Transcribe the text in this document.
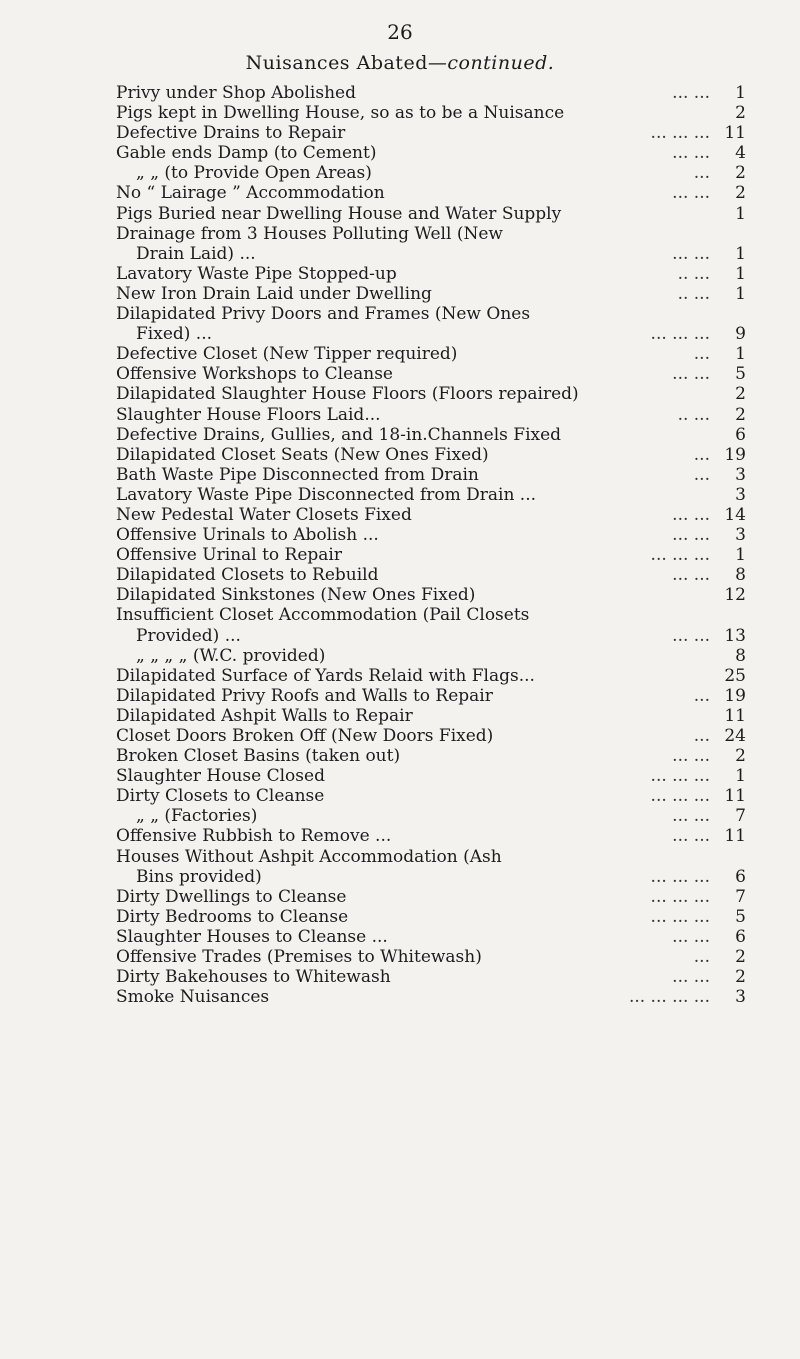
26
Nuisances Abated—continued.
Privy under Shop Abolished	... ...	1
Pigs kept in Dwelling House, so as to be a Nuisance	2
Defective Drains to Repair	... ... ... 11
Gable ends Damp (to Cement)	... ...	4
„ „ (to Provide Open Areas)	...	2
No “ Lairage ” Accommodation	... ...	2
Pigs Buried near Dwelling House and Water Supply	1
Drainage from 3 Houses Polluting Well (New
Drain Laid) ...	... ...	1
Lavatory Waste Pipe Stopped-up	.. ...	1
New Iron Drain Laid under Dwelling	.. ...	1
Dilapidated Privy Doors and Frames (New Ones
Fixed) ...	... ... ...	9
Defective Closet (New Tipper required)	...	1
Offensive Workshops to Cleanse	... ...	5
Dilapidated Slaughter House Floors (Floors repaired)	2
Slaughter House Floors Laid...	.. ...	2
Defective Drains, Gullies, and 18-in.Channels Fixed	6
Dilapidated Closet Seats (New Ones Fixed)	... 19
Bath Waste Pipe Disconnected from Drain	...	3
Lavatory Waste Pipe Disconnected from Drain ...	3
New Pedestal Water Closets Fixed	... ... 14
Offensive Urinals to Abolish ...	... ...	3
Offensive Urinal to Repair	... ... ...	1
Dilapidated Closets to Rebuild	... ...	8
Dilapidated Sinkstones (New Ones Fixed)	12
Insufficient Closet Accommodation (Pail Closets
Provided) ...	... ... 13
„ „ „ „ (W.C. provided)	8
Dilapidated Surface of Yards Relaid with Flags...	25
Dilapidated Privy Roofs and Walls to Repair	... 19
Dilapidated Ashpit Walls to Repair	11
Closet Doors Broken Off (New Doors Fixed)	... 24
Broken Closet Basins (taken out)	... ...	2
Slaughter House Closed	... ... ...	1
Dirty Closets to Cleanse	... ... ... 11
„ „ (Factories)	... ...	7
Offensive Rubbish to Remove ...	... ... 11
Houses Without Ashpit Accommodation (Ash
Bins provided)	... ... ...	6
Dirty Dwellings to Cleanse	... ... ...	7
Dirty Bedrooms to Cleanse	... ... ...	5
Slaughter Houses to Cleanse ...	... ...	6
Offensive Trades (Premises to Whitewash)	...	2
Dirty Bakehouses to Whitewash	... ...	2
Smoke Nuisances	... ... ... ...	3
